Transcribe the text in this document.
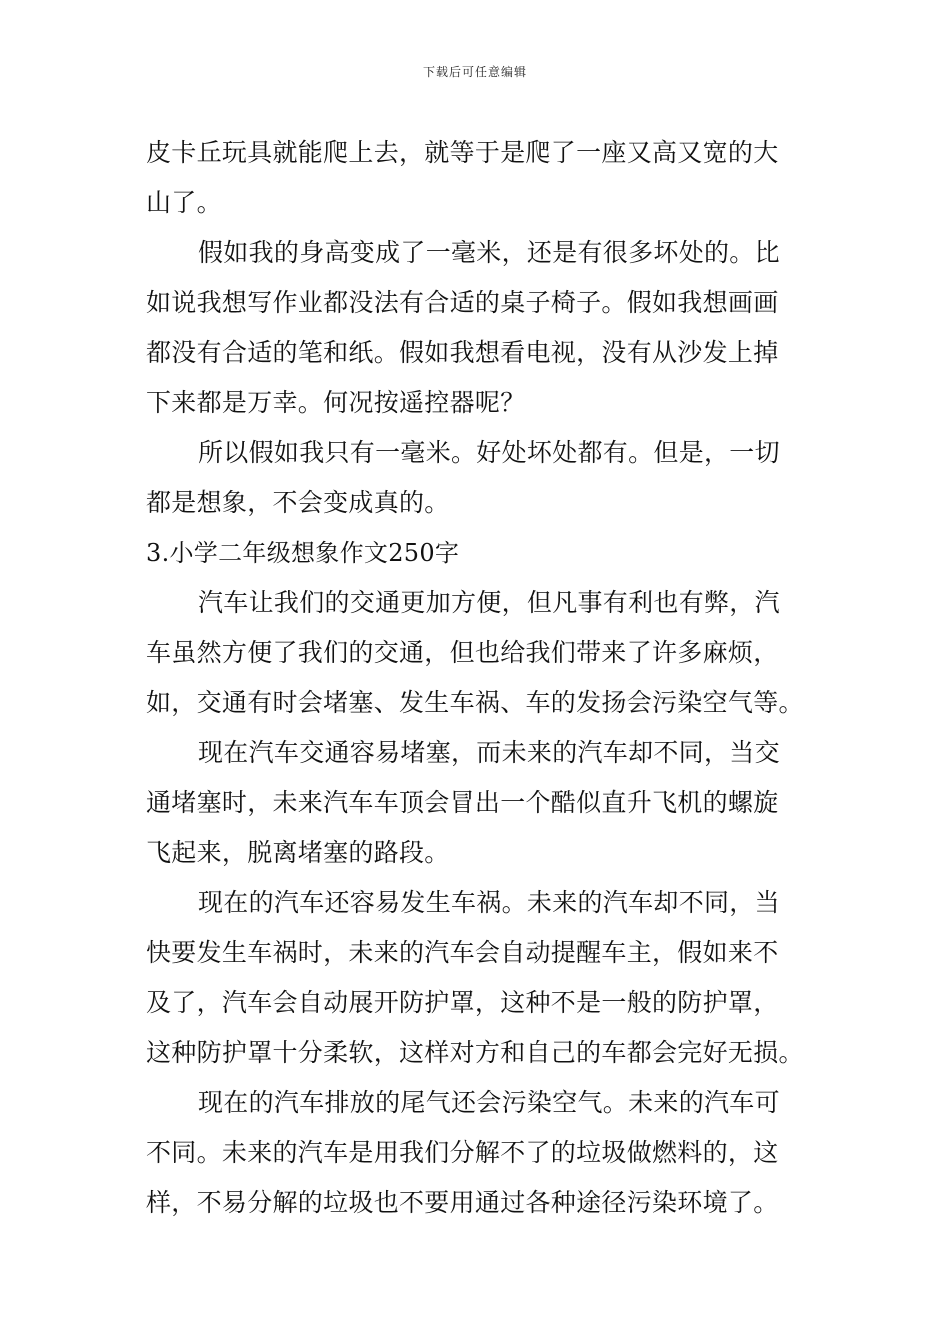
下载后可任意编辑
皮卡丘玩具就能爬上去，就等于是爬了一座又高又宽的大
山了。
假如我的身高变成了一毫米，还是有很多坏处的。比
如说我想写作业都没法有合适的桌子椅子。假如我想画画
都没有合适的笔和纸。假如我想看电视，没有从沙发上掉
下来都是万幸。何况按遥控器呢？
所以假如我只有一毫米。好处坏处都有。但是，一切
都是想象，不会变成真的。
3.小学二年级想象作文250字
汽车让我们的交通更加方便，但凡事有利也有弊，汽
车虽然方便了我们的交通，但也给我们带来了许多麻烦，
如，交通有时会堵塞、发生车祸、车的发扬会污染空气等。
现在汽车交通容易堵塞，而未来的汽车却不同，当交
通堵塞时，未来汽车车顶会冒出一个酷似直升飞机的螺旋
飞起来，脱离堵塞的路段。
现在的汽车还容易发生车祸。未来的汽车却不同，当
快要发生车祸时，未来的汽车会自动提醒车主，假如来不
及了，汽车会自动展开防护罩，这种不是一般的防护罩，
这种防护罩十分柔软，这样对方和自己的车都会完好无损。
现在的汽车排放的尾气还会污染空气。未来的汽车可
不同。未来的汽车是用我们分解不了的垃圾做燃料的，这
样，不易分解的垃圾也不要用通过各种途径污染环境了。
